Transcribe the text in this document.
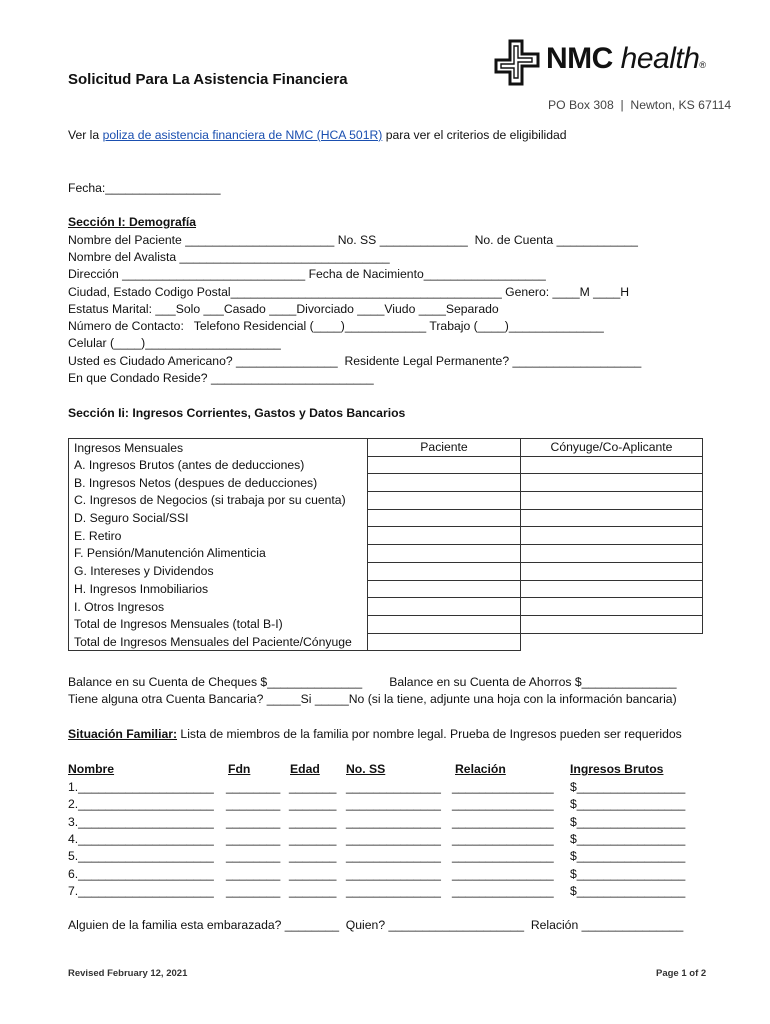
NMC health®
Solicitud Para La Asistencia Financiera
PO Box 308  |  Newton, KS 67114
Ver la poliza de asistencia financiera de NMC (HCA 501R) para ver el criterios de eligibilidad
Fecha:_________________
Sección I: Demografía
Nombre del Paciente ______________________ No. SS _____________  No. de Cuenta ____________
Nombre del Avalista _______________________________
Dirección ___________________________ Fecha de Nacimiento__________________
Ciudad, Estado Codigo Postal________________________________________ Genero: ____M ____H
Estatus Marital: ___Solo ___Casado ____Divorciado ____Viudo ____Separado
Número de Contacto:   Telefono Residencial (____)____________ Trabajo (____)______________
Celular (____)____________________
Usted es Ciudado Americano? _______________  Residente Legal Permanente? ___________________
En que Condado Reside? ________________________
Sección Ii: Ingresos Corrientes, Gastos y Datos Bancarios
Ingresos Mensuales	Paciente	Cónyuge/Co-Aplicante
A. Ingresos Brutos (antes de deducciones)		
B. Ingresos Netos (despues de deducciones)		
C. Ingresos de Negocios (si trabaja por su cuenta)		
D. Seguro Social/SSI		
E. Retiro		
F. Pensión/Manutención Alimenticia		
G. Intereses y Dividendos		
H. Ingresos Inmobiliarios		
I. Otros Ingresos		
Total de Ingresos Mensuales (total B-I)		
Total de Ingresos Mensuales del Paciente/Cónyuge		
Balance en su Cuenta de Cheques $______________        Balance en su Cuenta de Ahorros $______________
Tiene alguna otra Cuenta Bancaria? _____Si _____No (si la tiene, adjunte una hoja con la información bancaria)
Situación Familiar: Lista de miembros de la familia por nombre legal. Prueba de Ingresos pueden ser requeridos
Nombre	Fdn	Edad No. SS	Relación	Ingresos Brutos
1.____________________ ________ _______ ______________ _______________ $________________
2.____________________ ________ _______ ______________ _______________ $________________
3.____________________ ________ _______ ______________ _______________ $________________
4.____________________ ________ _______ ______________ _______________ $________________
5.____________________ ________ _______ ______________ _______________ $________________
6.____________________ ________ _______ ______________ _______________ $________________
7.____________________ ________ _______ ______________ _______________ $________________
Alguien de la familia esta embarazada? ________  Quien? ____________________  Relación _______________
Revised February 12, 2021	Page 1 of 2
